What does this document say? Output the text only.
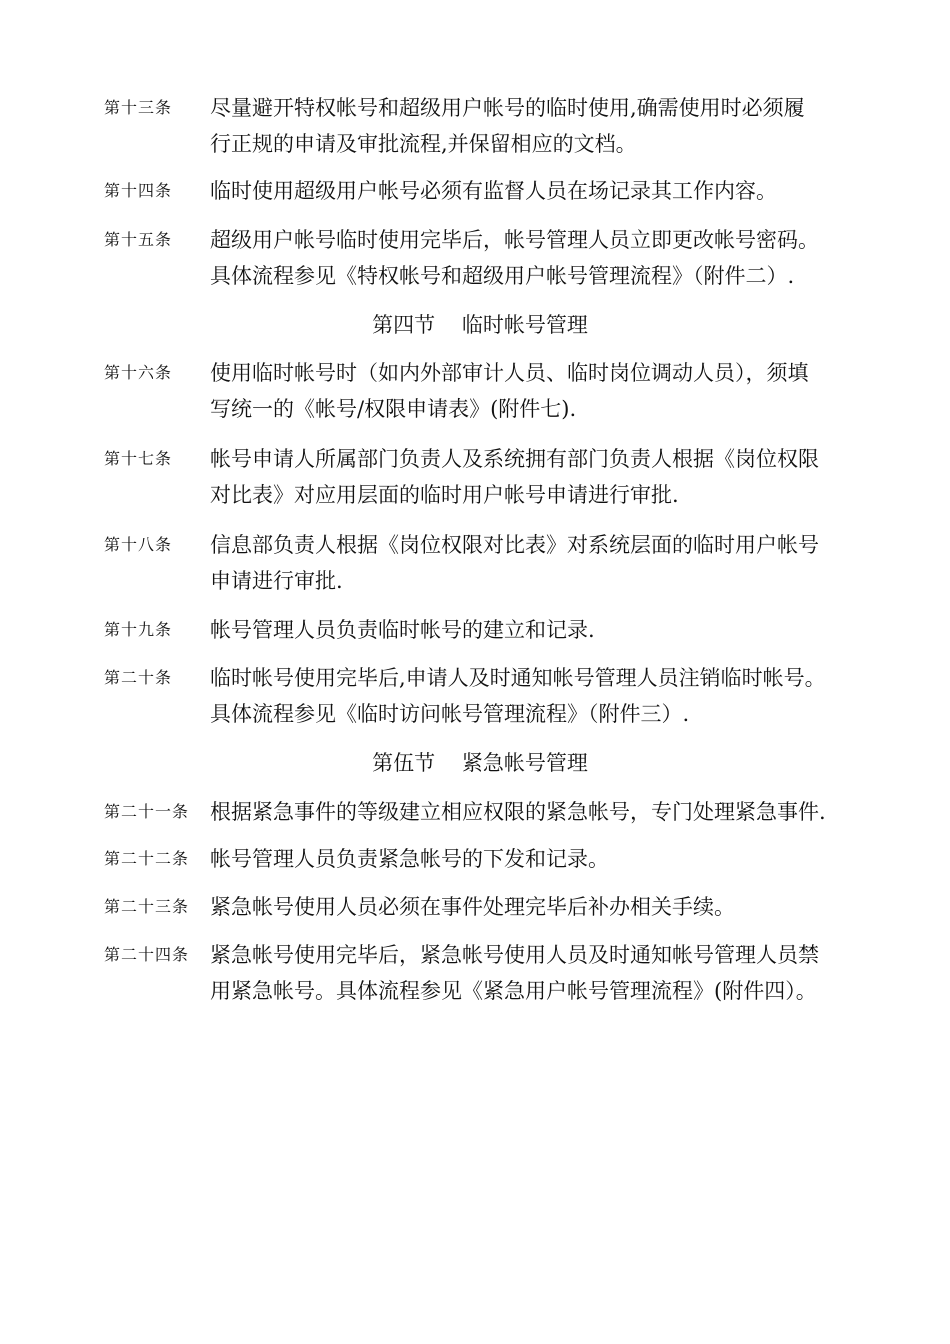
第十三条 尽量避开特权帐号和超级用户帐号的临时使用,确需使用时必须履
行正规的申请及审批流程,并保留相应的文档。
第十四条 临时使用超级用户帐号必须有监督人员在场记录其工作内容。
第十五条 超级用户帐号临时使用完毕后，帐号管理人员立即更改帐号密码。
具体流程参见《特权帐号和超级用户帐号管理流程》（附件二）.
第四节    临时帐号管理
第十六条 使用临时帐号时（如内外部审计人员、临时岗位调动人员），须填
写统一的《帐号/权限申请表》(附件七).
第十七条 帐号申请人所属部门负责人及系统拥有部门负责人根据《岗位权限
对比表》对应用层面的临时用户帐号申请进行审批.
第十八条 信息部负责人根据《岗位权限对比表》对系统层面的临时用户帐号
申请进行审批.
第十九条 帐号管理人员负责临时帐号的建立和记录.
第二十条 临时帐号使用完毕后,申请人及时通知帐号管理人员注销临时帐号。
具体流程参见《临时访问帐号管理流程》（附件三）.
第伍节    紧急帐号管理
第二十一条 根据紧急事件的等级建立相应权限的紧急帐号，专门处理紧急事件.
第二十二条 帐号管理人员负责紧急帐号的下发和记录。
第二十三条 紧急帐号使用人员必须在事件处理完毕后补办相关手续。
第二十四条 紧急帐号使用完毕后，紧急帐号使用人员及时通知帐号管理人员禁
用紧急帐号。具体流程参见《紧急用户帐号管理流程》(附件四）。
